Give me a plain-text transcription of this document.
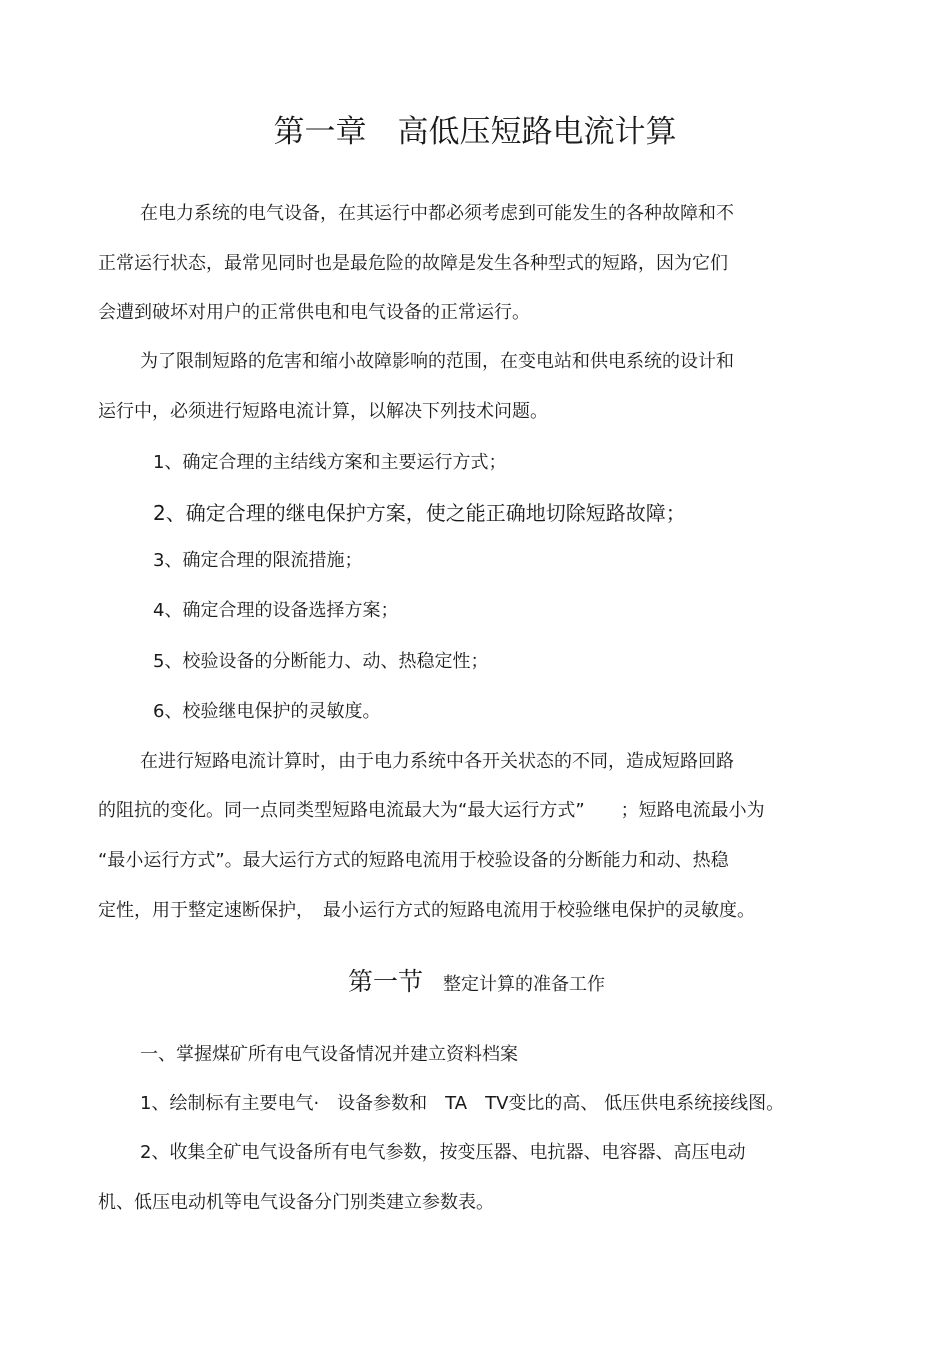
第一章　高低压短路电流计算
在电力系统的电气设备，在其运行中都必须考虑到可能发生的各种故障和不
正常运行状态，最常见同时也是最危险的故障是发生各种型式的短路，因为它们
会遭到破坏对用户的正常供电和电气设备的正常运行。
为了限制短路的危害和缩小故障影响的范围，在变电站和供电系统的设计和
运行中，必须进行短路电流计算，以解决下列技术问题。
1、确定合理的主结线方案和主要运行方式；
2、确定合理的继电保护方案，使之能正确地切除短路故障；
3、确定合理的限流措施；
4、确定合理的设备选择方案；
5、校验设备的分断能力、动、热稳定性；
6、校验继电保护的灵敏度。
在进行短路电流计算时，由于电力系统中各开关状态的不同，造成短路回路
的阻抗的变化。同一点同类型短路电流最大为“最大运行方式”　　；短路电流最小为
“最小运行方式”。最大运行方式的短路电流用于校验设备的分断能力和动、热稳
定性，用于整定速断保护，　最小运行方式的短路电流用于校验继电保护的灵敏度。
第一节 整定计算的准备工作
一、掌握煤矿所有电气设备情况并建立资料档案
1、绘制标有主要电气·　设备参数和　TA　TV变比的高、 低压供电系统接线图。
2、收集全矿电气设备所有电气参数，按变压器、电抗器、电容器、高压电动
机、低压电动机等电气设备分门别类建立参数表。
